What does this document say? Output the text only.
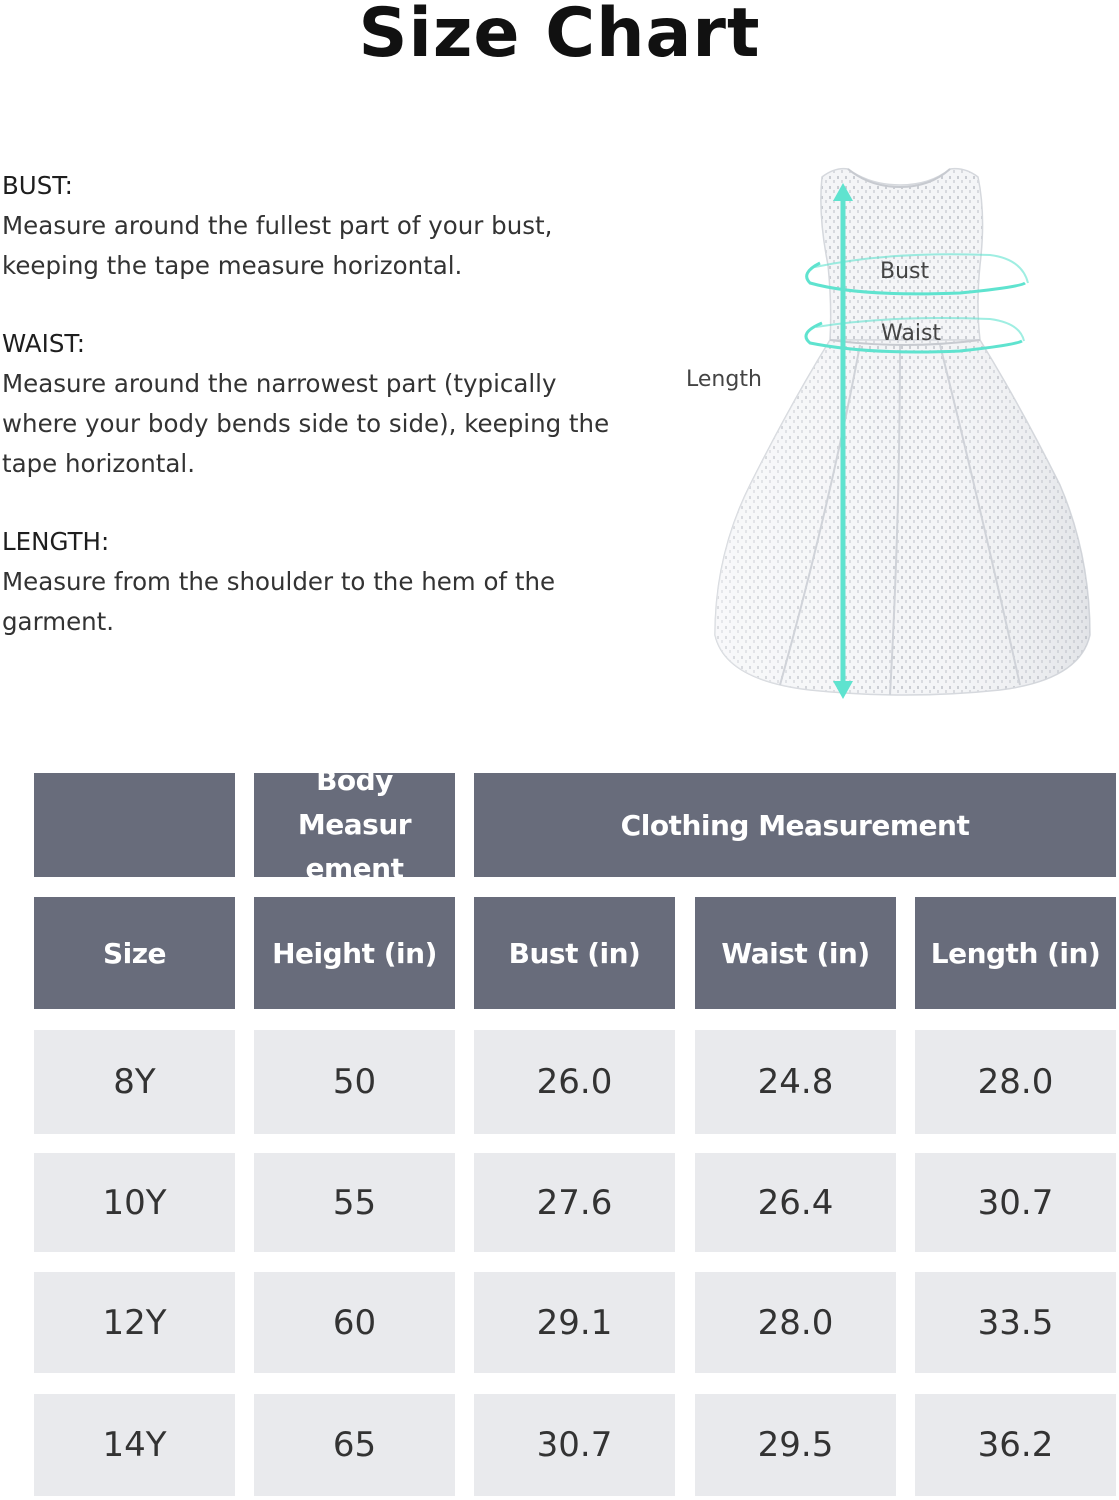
Size Chart
BUST:
Measure around the fullest part of your bust, keeping the tape measure horizontal.
WAIST:
Measure around the narrowest part (typically where your body bends side to side), keeping the tape horizontal.
LENGTH:
Measure from the shoulder to the hem of the garment.
Bust
Waist
Length
Body Measur ement
Clothing Measurement
Size	Height (in)	Bust (in)	Waist (in)	Length (in)
8Y	50	26.0	24.8	28.0
10Y	55	27.6	26.4	30.7
12Y	60	29.1	28.0	33.5
14Y	65	30.7	29.5	36.2
